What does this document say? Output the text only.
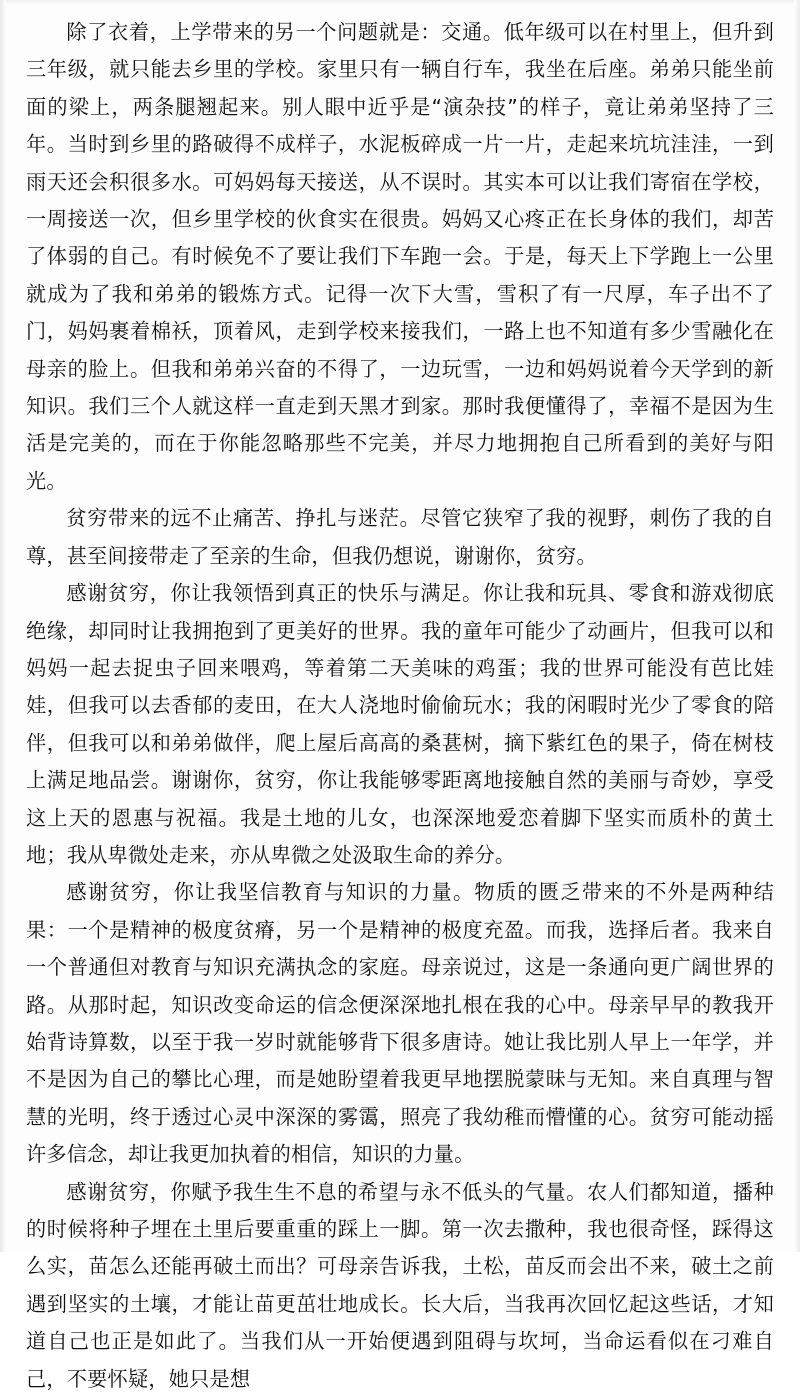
除了衣着，上学带来的另一个问题就是：交通。低年级可以在村里上，但升到三年级，就只能去乡里的学校。家里只有一辆自行车，我坐在后座。弟弟只能坐前面的梁上，两条腿翘起来。别人眼中近乎是“演杂技”的样子，竟让弟弟坚持了三年。当时到乡里的路破得不成样子，水泥板碎成一片一片，走起来坑坑洼洼，一到雨天还会积很多水。可妈妈每天接送，从不误时。其实本可以让我们寄宿在学校，一周接送一次，但乡里学校的伙食实在很贵。妈妈又心疼正在长身体的我们，却苦了体弱的自己。有时候免不了要让我们下车跑一会。于是，每天上下学跑上一公里就成为了我和弟弟的锻炼方式。记得一次下大雪，雪积了有一尺厚，车子出不了门，妈妈裹着棉袄，顶着风，走到学校来接我们，一路上也不知道有多少雪融化在母亲的脸上。但我和弟弟兴奋的不得了，一边玩雪，一边和妈妈说着今天学到的新知识。我们三个人就这样一直走到天黑才到家。那时我便懂得了，幸福不是因为生活是完美的，而在于你能忽略那些不完美，并尽力地拥抱自己所看到的美好与阳光。

贫穷带来的远不止痛苦、挣扎与迷茫。尽管它狭窄了我的视野，刺伤了我的自尊，甚至间接带走了至亲的生命，但我仍想说，谢谢你，贫穷。

感谢贫穷，你让我领悟到真正的快乐与满足。你让我和玩具、零食和游戏彻底绝缘，却同时让我拥抱到了更美好的世界。我的童年可能少了动画片，但我可以和妈妈一起去捉虫子回来喂鸡，等着第二天美味的鸡蛋；我的世界可能没有芭比娃娃，但我可以去香郁的麦田，在大人浇地时偷偷玩水；我的闲暇时光少了零食的陪伴，但我可以和弟弟做伴，爬上屋后高高的桑葚树，摘下紫红色的果子，倚在树枝上满足地品尝。谢谢你，贫穷，你让我能够零距离地接触自然的美丽与奇妙，享受这上天的恩惠与祝福。我是土地的儿女，也深深地爱恋着脚下坚实而质朴的黄土地；我从卑微处走来，亦从卑微之处汲取生命的养分。

感谢贫穷，你让我坚信教育与知识的力量。物质的匮乏带来的不外是两种结果：一个是精神的极度贫瘠，另一个是精神的极度充盈。而我，选择后者。我来自一个普通但对教育与知识充满执念的家庭。母亲说过，这是一条通向更广阔世界的路。从那时起，知识改变命运的信念便深深地扎根在我的心中。母亲早早的教我开始背诗算数，以至于我一岁时就能够背下很多唐诗。她让我比别人早上一年学，并不是因为自己的攀比心理，而是她盼望着我更早地摆脱蒙昧与无知。来自真理与智慧的光明，终于透过心灵中深深的雾霭，照亮了我幼稚而懵懂的心。贫穷可能动摇许多信念，却让我更加执着的相信，知识的力量。

感谢贫穷，你赋予我生生不息的希望与永不低头的气量。农人们都知道，播种的时候将种子埋在土里后要重重的踩上一脚。第一次去撒种，我也很奇怪，踩得这么实，苗怎么还能再破土而出？可母亲告诉我，土松，苗反而会出不来，破土之前遇到坚实的土壤，才能让苗更茁壮地成长。长大后，当我再次回忆起这些话，才知道自己也正是如此了。当我们从一开始便遇到阻碍与坎坷，当命运看似在刁难自己，不要怀疑，她只是想
